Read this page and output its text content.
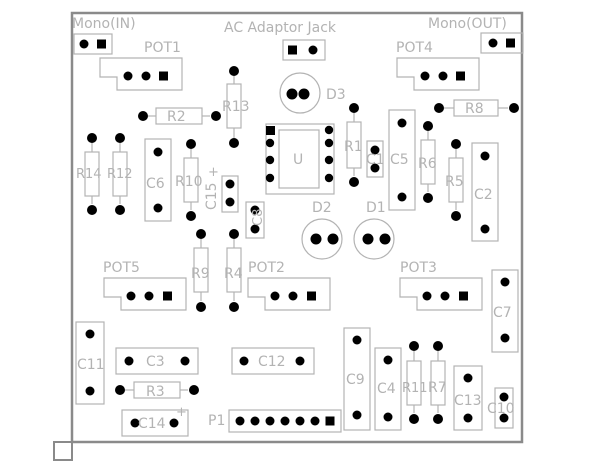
Mono(IN)	AC Adaptor Jack	Mono(OUT)
POT1	POT4
POT5	POT2	POT3
R13
R2
D3
U
R8
R1
C1 C5 R6
R5
C2
R14 R12
C6 R10
C15
+
C8
D2 D1
R9 R4
C7
C11	C3	C12
R3
C14
+
P1
C9
C4 R11 R7
C13 C10
